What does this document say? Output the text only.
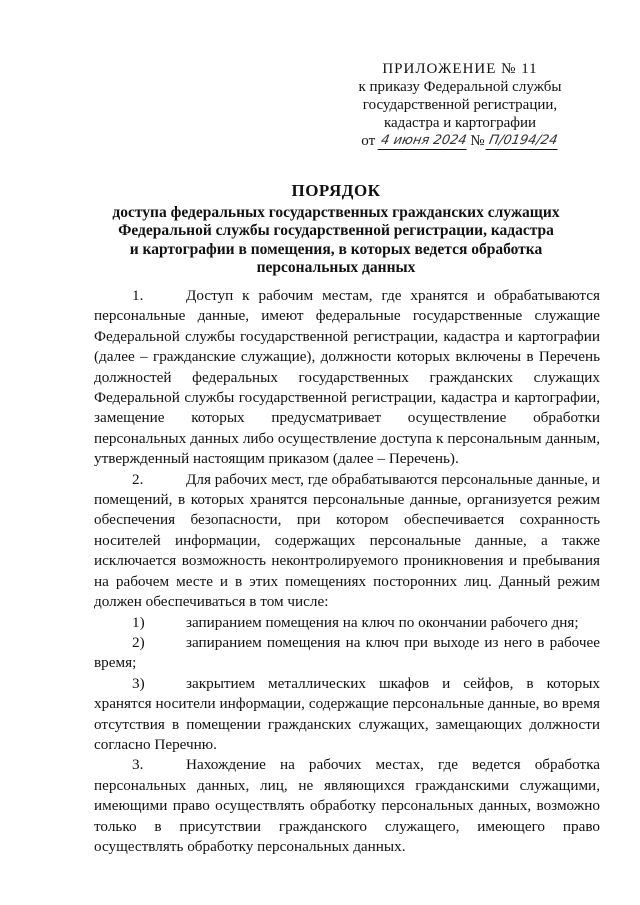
ПРИЛОЖЕНИЕ № 11
к приказу Федеральной службы
государственной регистрации,
кадастра и картографии
от
4 июня 2024 № П/0194/24
ПОРЯДОК
доступа федеральных государственных гражданских служащих
Федеральной службы государственной регистрации, кадастра
и картографии в помещения, в которых ведется обработка
персональных данных

1.	Доступ к рабочим местам, где хранятся и обрабатываются персональные данные, имеют федеральные государственные служащие Федеральной службы государственной регистрации, кадастра и картографии (далее – гражданские служащие), должности которых включены в Перечень должностей федеральных государственных гражданских служащих Федеральной службы государственной регистрации, кадастра и картографии, замещение которых предусматривает осуществление обработки персональных данных либо осуществление доступа к персональным данным, утвержденный настоящим приказом (далее – Перечень).

2.	Для рабочих мест, где обрабатываются персональные данные, и помещений, в которых хранятся персональные данные, организуется режим обеспечения безопасности, при котором обеспечивается сохранность носителей информации, содержащих персональные данные, а также исключается возможность неконтролируемого проникновения и пребывания на рабочем месте и в этих помещениях посторонних лиц. Данный режим должен обеспечиваться в том числе:

1)	запиранием помещения на ключ по окончании рабочего дня;

2)	запиранием помещения на ключ при выходе из него в рабочее время;

3)	закрытием металлических шкафов и сейфов, в которых хранятся носители информации, содержащие персональные данные, во время отсутствия в помещении гражданских служащих, замещающих должности согласно Перечню.

3.	Нахождение на рабочих местах, где ведется обработка персональных данных, лиц, не являющихся гражданскими служащими, имеющими право осуществлять обработку персональных данных, возможно только в присутствии гражданского служащего, имеющего право осуществлять обработку персональных данных.
